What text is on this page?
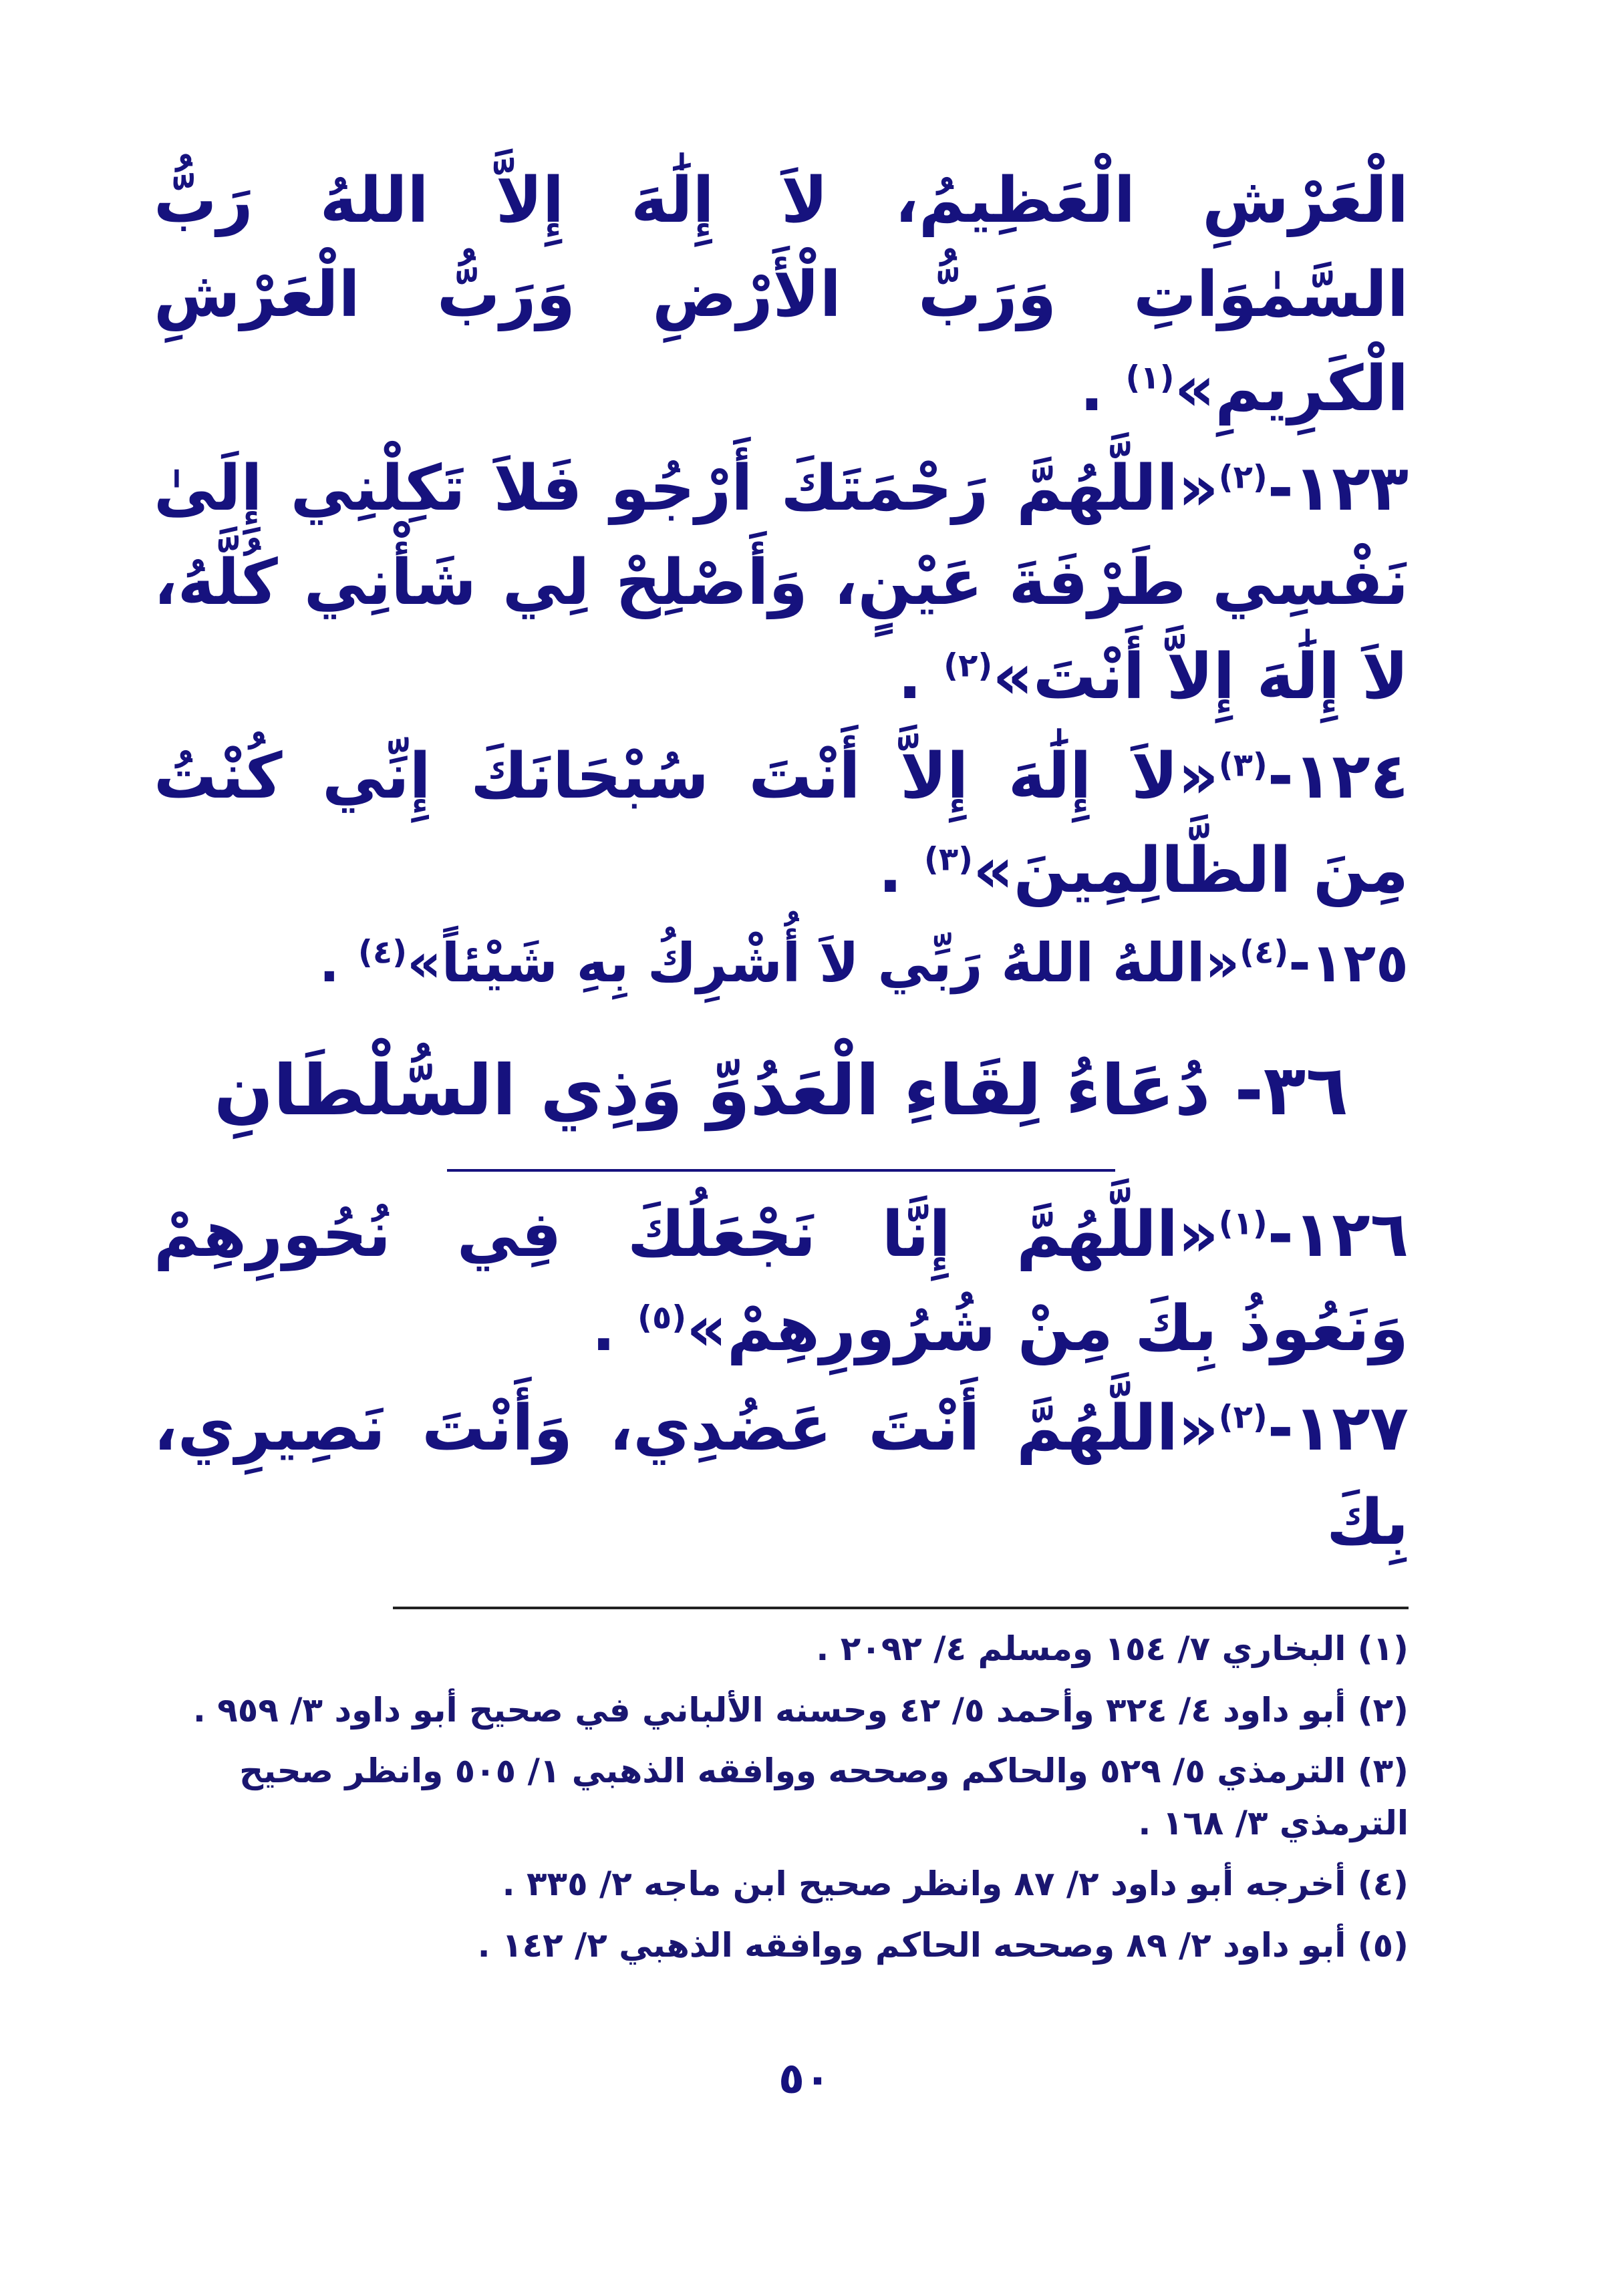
الْعَرْشِ الْعَظِيمُ، لاَ إِلَٰهَ إِلاَّ اللهُ رَبُّ السَّمٰوَاتِ وَرَبُّ الْأَرْضِ وَرَبُّ الْعَرْشِ الْكَرِيمِ»$^{(١)}$ .

١٢٣-$^{(٢)}$«اللَّهُمَّ رَحْمَتَكَ أَرْجُو فَلاَ تَكِلْنِي إِلَىٰ نَفْسِي طَرْفَةَ عَيْنٍ، وَأَصْلِحْ لِي شَأْنِي كُلَّهُ، لاَ إِلَٰهَ إِلاَّ أَنْتَ»$^{(٢)}$ .

١٢٤-$^{(٣)}$«لاَ إِلَٰهَ إِلاَّ أَنْتَ سُبْحَانَكَ إِنِّي كُنْتُ مِنَ الظَّالِمِينَ»$^{(٣)}$ .

١٢٥-$^{(٤)}$«اللهُ اللهُ رَبِّي لاَ أُشْرِكُ بِهِ شَيْئاً»$^{(٤)}$ .

٣٦- دُعَاءُ لِقَاءِ الْعَدُوِّ وَذِي السُّلْطَانِ

١٢٦-$^{(١)}$«اللَّهُمَّ إِنَّا نَجْعَلُكَ فِي نُحُورِهِمْ وَنَعُوذُ بِكَ مِنْ شُرُورِهِمْ»$^{(٥)}$ .

١٢٧-$^{(٢)}$«اللَّهُمَّ أَنْتَ عَضُدِي، وَأَنْتَ نَصِيرِي، بِكَ

(١) البخاري ٧/ ١٥٤ ومسلم ٤/ ٢٠٩٢ .

(٢) أبو داود ٤/ ٣٢٤ وأحمد ٥/ ٤٢ وحسنه الألباني في صحيح أبو داود ٣/ ٩٥٩ .

(٣) الترمذي ٥/ ٥٢٩ والحاكم وصححه ووافقه الذهبي ١/ ٥٠٥ وانظر صحيح الترمذي ٣/ ١٦٨ .

(٤) أخرجه أبو داود ٢/ ٨٧ وانظر صحيح ابن ماجه ٢/ ٣٣٥ .

(٥) أبو داود ٢/ ٨٩ وصححه الحاكم ووافقه الذهبي ٢/ ١٤٢ .

٥٠
